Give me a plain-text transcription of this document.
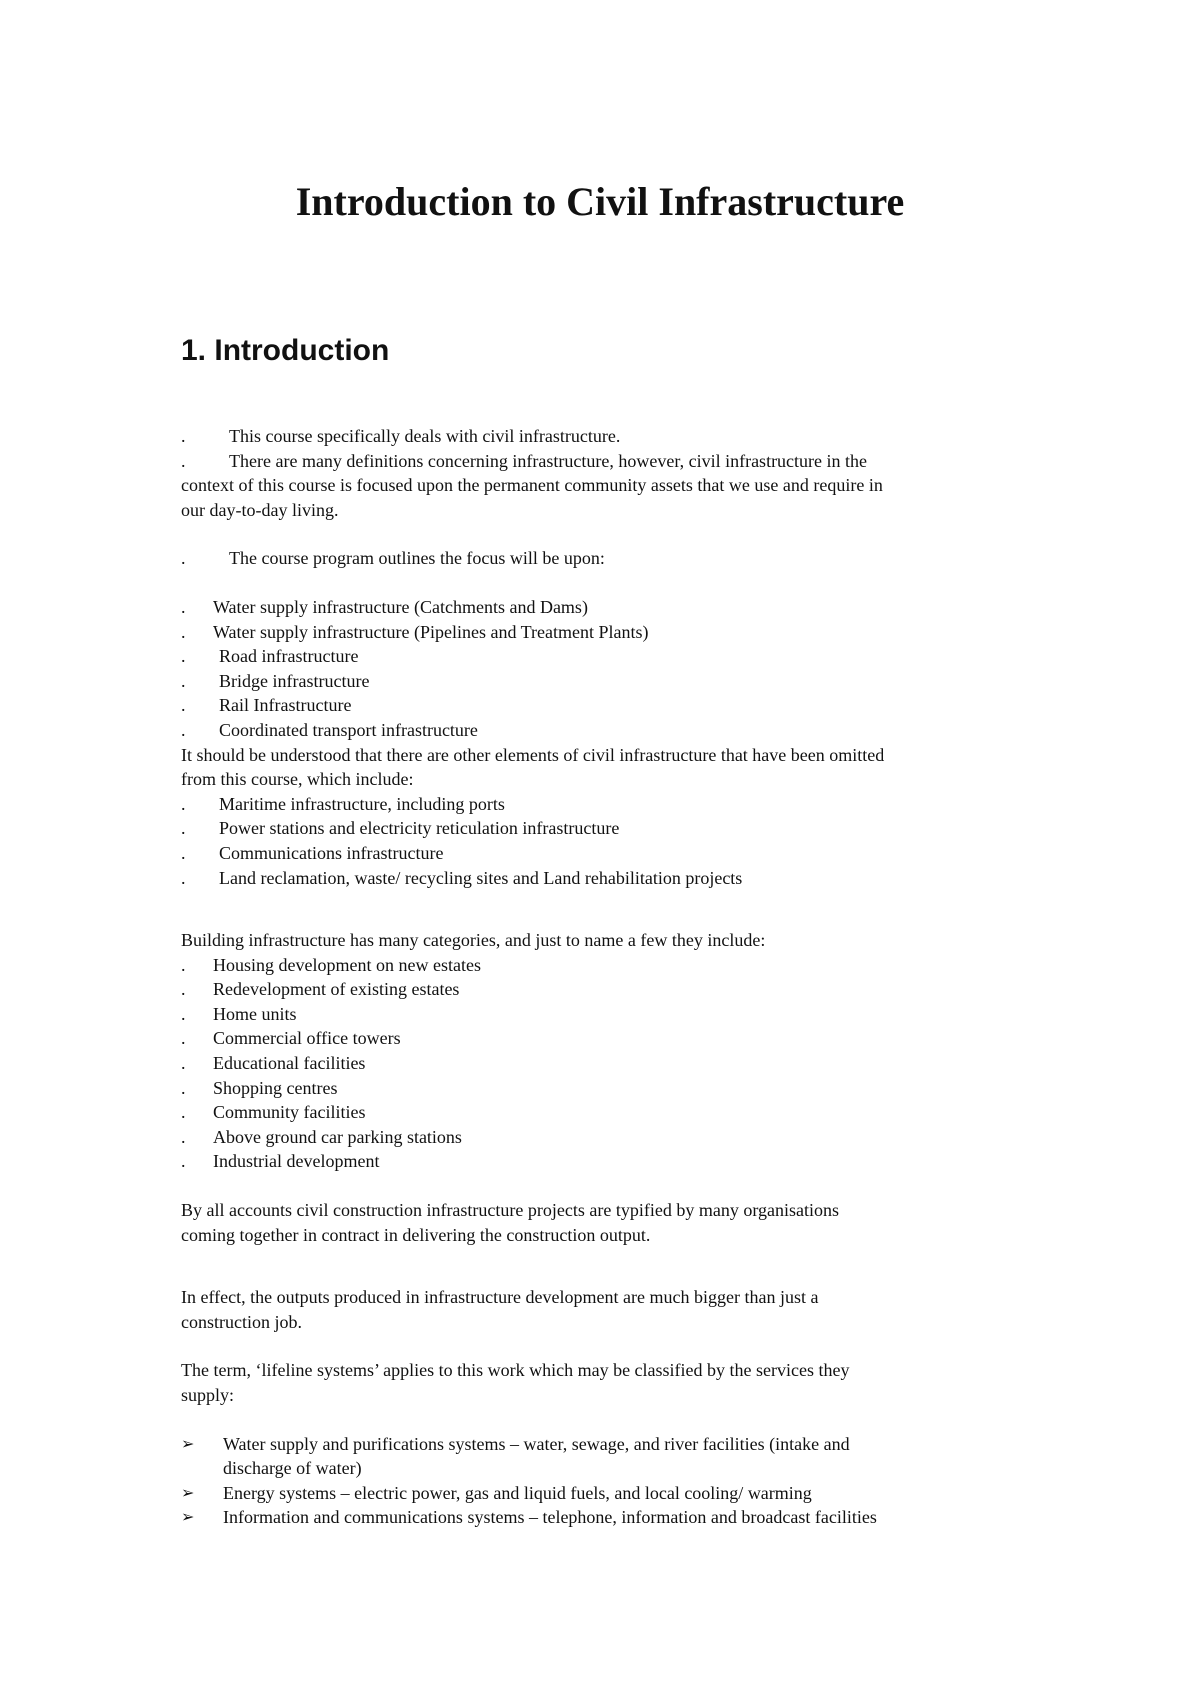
Introduction to Civil Infrastructure
1. Introduction
. This course specifically deals with civil infrastructure.
. There are many definitions concerning infrastructure, however, civil infrastructure in the
context of this course is focused upon the permanent community assets that we use and require in
our day-to-day living.
. The course program outlines the focus will be upon:
. Water supply infrastructure (Catchments and Dams)
. Water supply infrastructure (Pipelines and Treatment Plants)
. Road infrastructure
. Bridge infrastructure
. Rail Infrastructure
. Coordinated transport infrastructure
It should be understood that there are other elements of civil infrastructure that have been omitted
from this course, which include:
. Maritime infrastructure, including ports
. Power stations and electricity reticulation infrastructure
. Communications infrastructure
. Land reclamation, waste/ recycling sites and Land rehabilitation projects
Building infrastructure has many categories, and just to name a few they include:
. Housing development on new estates
. Redevelopment of existing estates
. Home units
. Commercial office towers
. Educational facilities
. Shopping centres
. Community facilities
. Above ground car parking stations
. Industrial development
By all accounts civil construction infrastructure projects are typified by many organisations
coming together in contract in delivering the construction output.
In effect, the outputs produced in infrastructure development are much bigger than just a
construction job.
The term, ‘lifeline systems’ applies to this work which may be classified by the services they
supply:
➢	Water supply and purifications systems – water, sewage, and river facilities (intake and
discharge of water)
➢	Energy systems – electric power, gas and liquid fuels, and local cooling/ warming
➢	Information and communications systems – telephone, information and broadcast facilities
